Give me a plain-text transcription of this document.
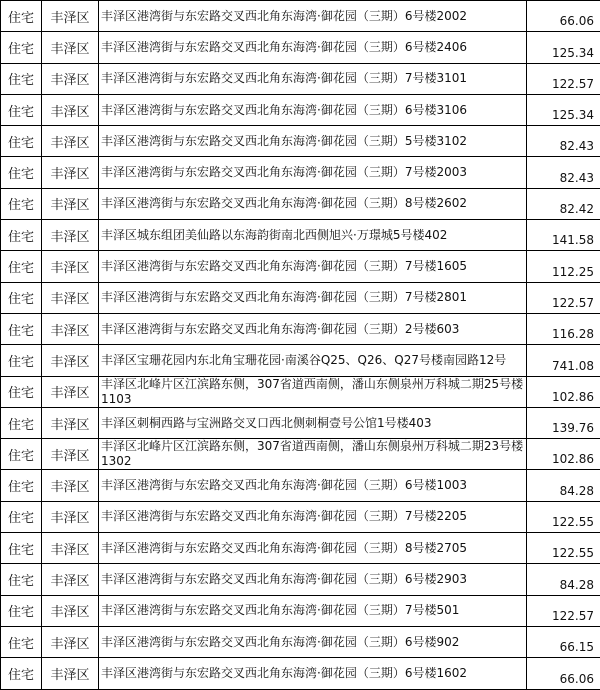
住宅	丰泽区	丰泽区港湾街与东宏路交叉西北角东海湾·御花园（三期）6号楼2002	66.06
住宅	丰泽区	丰泽区港湾街与东宏路交叉西北角东海湾·御花园（三期）6号楼2406	125.34
住宅	丰泽区	丰泽区港湾街与东宏路交叉西北角东海湾·御花园（三期）7号楼3101	122.57
住宅	丰泽区	丰泽区港湾街与东宏路交叉西北角东海湾·御花园（三期）6号楼3106	125.34
住宅	丰泽区	丰泽区港湾街与东宏路交叉西北角东海湾·御花园（三期）5号楼3102	82.43
住宅	丰泽区	丰泽区港湾街与东宏路交叉西北角东海湾·御花园（三期）7号楼2003	82.43
住宅	丰泽区	丰泽区港湾街与东宏路交叉西北角东海湾·御花园（三期）8号楼2602	82.42
住宅	丰泽区	丰泽区城东组团美仙路以东海韵街南北西侧旭兴·万璟城5号楼402	141.58
住宅	丰泽区	丰泽区港湾街与东宏路交叉西北角东海湾·御花园（三期）7号楼1605	112.25
住宅	丰泽区	丰泽区港湾街与东宏路交叉西北角东海湾·御花园（三期）7号楼2801	122.57
住宅	丰泽区	丰泽区港湾街与东宏路交叉西北角东海湾·御花园（三期）2号楼603	116.28
住宅	丰泽区	丰泽区宝珊花园内东北角宝珊花园·南溪谷Q25、Q26、Q27号楼南园路12号	741.08
住宅	丰泽区	丰泽区北峰片区江滨路东侧，307省道西南侧，潘山东侧泉州万科城二期25号楼1103	102.86
住宅	丰泽区	丰泽区刺桐西路与宝洲路交叉口西北侧刺桐壹号公馆1号楼403	139.76
住宅	丰泽区	丰泽区北峰片区江滨路东侧，307省道西南侧，潘山东侧泉州万科城二期23号楼1302	102.86
住宅	丰泽区	丰泽区港湾街与东宏路交叉西北角东海湾·御花园（三期）6号楼1003	84.28
住宅	丰泽区	丰泽区港湾街与东宏路交叉西北角东海湾·御花园（三期）7号楼2205	122.55
住宅	丰泽区	丰泽区港湾街与东宏路交叉西北角东海湾·御花园（三期）8号楼2705	122.55
住宅	丰泽区	丰泽区港湾街与东宏路交叉西北角东海湾·御花园（三期）6号楼2903	84.28
住宅	丰泽区	丰泽区港湾街与东宏路交叉西北角东海湾·御花园（三期）7号楼501	122.57
住宅	丰泽区	丰泽区港湾街与东宏路交叉西北角东海湾·御花园（三期）6号楼902	66.15
住宅	丰泽区	丰泽区港湾街与东宏路交叉西北角东海湾·御花园（三期）6号楼1602	66.06
